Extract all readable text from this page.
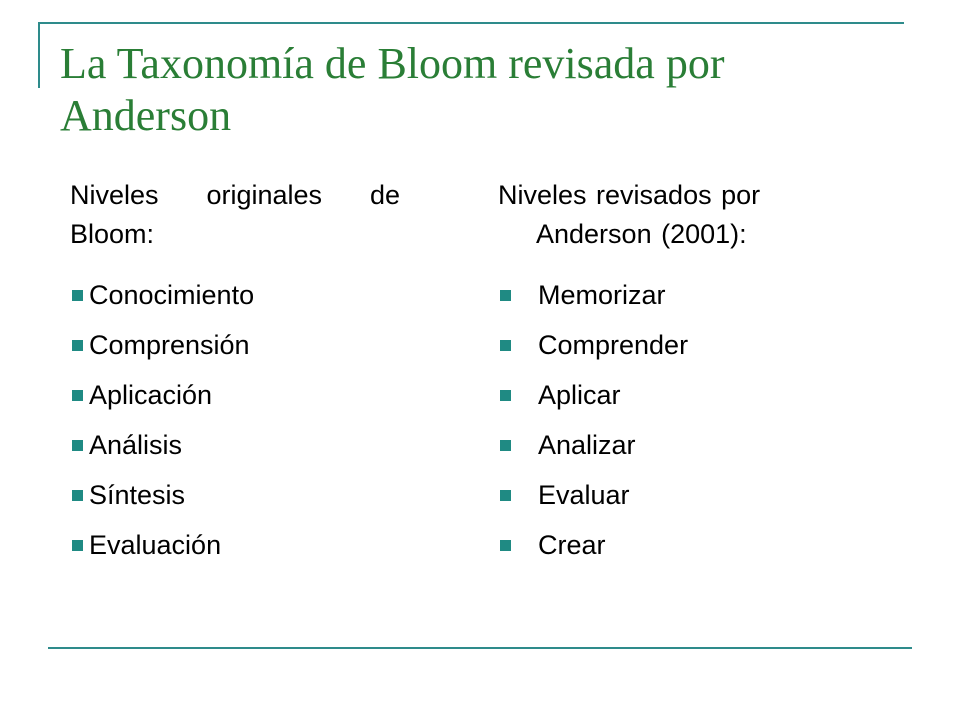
La Taxonomía de Bloom revisada por Anderson

Niveles originales de Bloom:

Conocimiento
Comprensión
Aplicación
Análisis
Síntesis
Evaluación

Niveles revisados por Anderson (2001):

Memorizar
Comprender
Aplicar
Analizar
Evaluar
Crear
